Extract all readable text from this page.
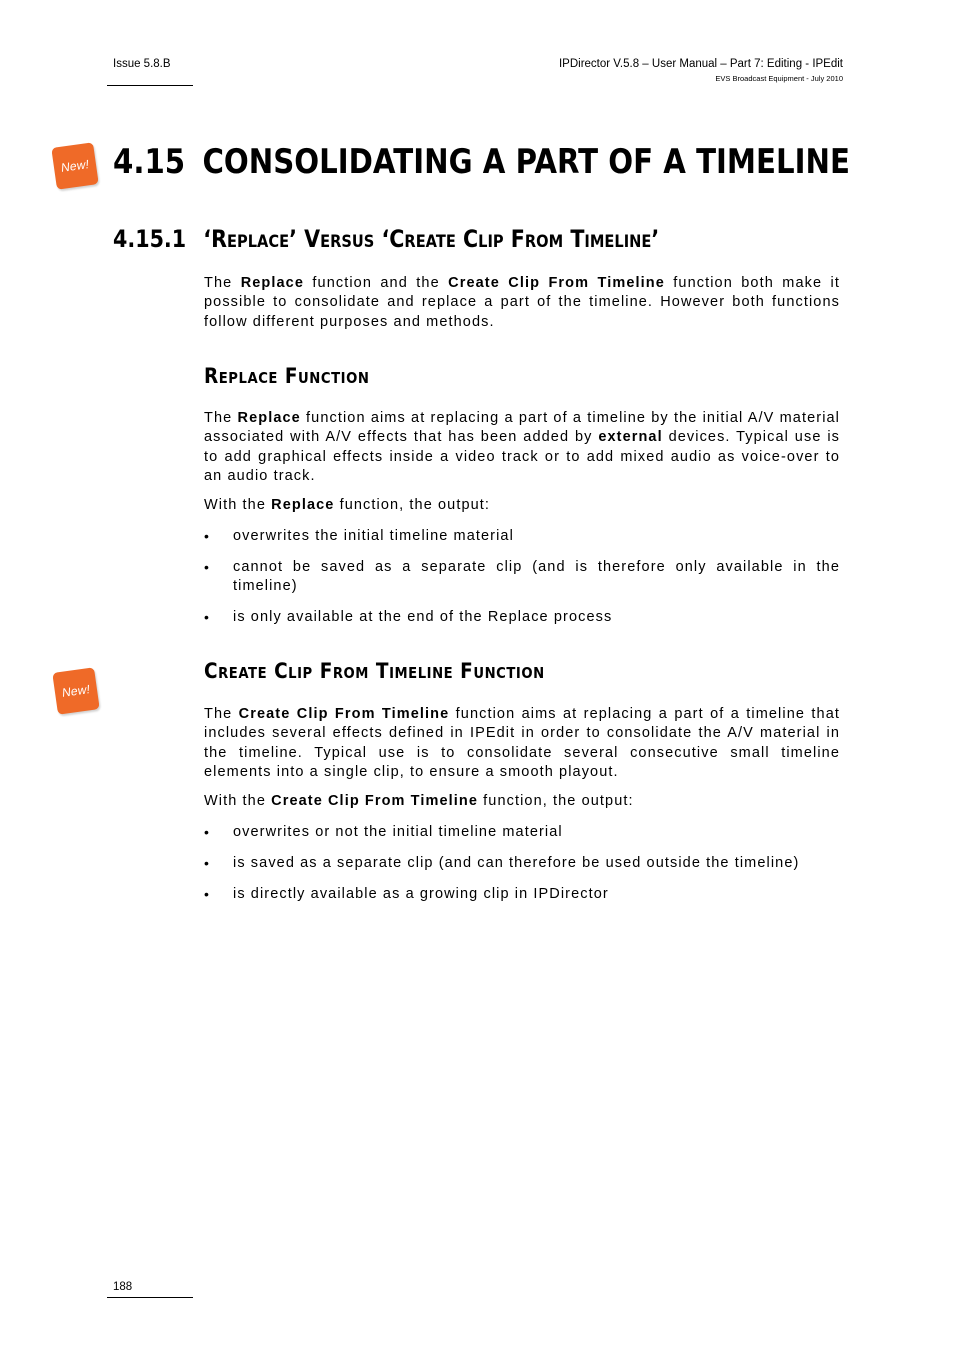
Issue 5.8.B	IPDirector V.5.8 – User Manual – Part 7: Editing - IPEdit
EVS Broadcast Equipment - July 2010
New!
New!
4.15 CONSOLIDATING A PART OF A TIMELINE
4.15.1 ‘Replace’ Versus ‘Create Clip From Timeline’
The Replace function and the Create Clip From Timeline function both make it possible to consolidate and replace a part of the timeline. However both functions follow different purposes and methods.
Replace Function
The Replace function aims at replacing a part of a timeline by the initial A/V material associated with A/V effects that has been added by external devices. Typical use is to add graphical effects inside a video track or to add mixed audio as voice-over to an audio track.
With the Replace function, the output:
• overwrites the initial timeline material
• cannot be saved as a separate clip (and is therefore only available in the timeline)
• is only available at the end of the Replace process
Create Clip From Timeline Function
The Create Clip From Timeline function aims at replacing a part of a timeline that includes several effects defined in IPEdit in order to consolidate the A/V material in the timeline. Typical use is to consolidate several consecutive small timeline elements into a single clip, to ensure a smooth playout.
With the Create Clip From Timeline function, the output:
• overwrites or not the initial timeline material
• is saved as a separate clip (and can therefore be used outside the timeline)
• is directly available as a growing clip in IPDirector
188
